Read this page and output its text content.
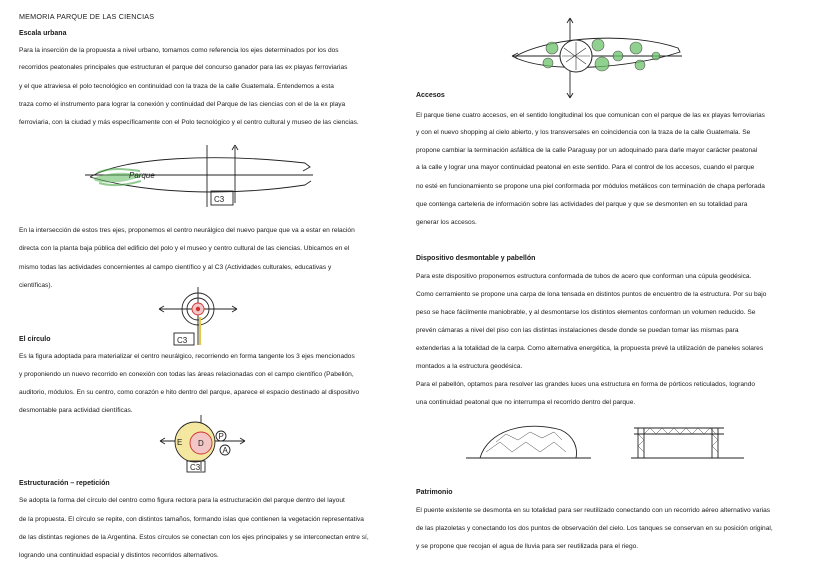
MEMORIA PARQUE DE LAS CIENCIAS
Escala urbana
Para la inserción de la propuesta a nivel urbano, tomamos como referencia los ejes determinados por los dos
recorridos peatonales principales que estructuran el parque del concurso ganador para las ex playas ferroviarias
y el que atraviesa el polo tecnológico en continuidad con la traza de la calle Guatemala. Entendemos a esta
traza como el instrumento para lograr la conexión y continuidad del Parque de las ciencias con el de la ex playa
ferroviaria, con la ciudad y más específicamente con el Polo tecnológico y el centro cultural y museo de las ciencias.
Parque
C3
En la intersección de estos tres ejes, proponemos el centro neurálgico del nuevo parque que va a estar en relación
directa con la planta baja pública del edificio del polo y el museo y centro cultural de las ciencias. Ubicamos en el
mismo todas las actividades concernientes al campo científico y al C3 (Actividades culturales, educativas y
científicas).
C3
El círculo
Es la figura adoptada para materializar el centro neurálgico, recorriendo en forma tangente los 3 ejes mencionados
y proponiendo un nuevo recorrido en conexión con todas las áreas relacionadas con el campo científico (Pabellón,
auditorio, módulos. En su centro, como corazón e hito dentro del parque, aparece el espacio destinado al dispositivo
desmontable para actividad científicas.
E D
P
A
C3
Estructuración – repetición
Se adopta la forma del círculo del centro como figura rectora para la estructuración del parque dentro del layout
de la propuesta. El círculo se repite, con distintos tamaños, formando islas que contienen la vegetación representativa
de las distintas regiones de la Argentina. Estos círculos se conectan con los ejes principales y se interconectan entre sí,
logrando una continuidad espacial y distintos recorridos alternativos.
Accesos
El parque tiene cuatro accesos, en el sentido longitudinal los que comunican con el parque de las ex playas ferroviarias
y con el nuevo shopping al cielo abierto, y los transversales en coincidencia con la traza de la calle Guatemala. Se
propone cambiar la terminación asfáltica de la calle Paraguay por un adoquinado para darle mayor carácter peatonal
a la calle y lograr una mayor continuidad peatonal en este sentido. Para el control de los accesos, cuando el parque
no esté en funcionamiento se propone una piel conformada por módulos metálicos con terminación de chapa perforada
que contenga carteleria de información sobre las actividades del parque y que se desmonten en su totalidad para
generar los accesos.
Dispositivo desmontable y pabellón
Para este dispositivo proponemos estructura conformada de tubos de acero que conforman una cúpula geodésica.
Como cerramiento se propone una carpa de lona tensada en distintos puntos de encuentro de la estructura. Por su bajo
peso se hace fácilmente maniobrable, y al desmontarse los distintos elementos conforman un volumen reducido. Se
prevén cámaras a nivel del piso con las distintas instalaciones desde donde se puedan tomar las mismas para
extenderlas a la totalidad de la carpa. Como alternativa energética, la propuesta prevé la utilización de paneles solares
montados a la estructura geodésica.
Para el pabellón, optamos para resolver las grandes luces una estructura en forma de pórticos reticulados, logrando
una continuidad peatonal que no interrumpa el recorrido dentro del parque.
Patrimonio
El puente existente se desmonta en su totalidad para ser reutilizado conectando con un recorrido aéreo alternativo varias
de las plazoletas y conectando los dos puntos de observación del cielo. Los tanques se conservan en su posición original,
y se propone que recojan el agua de lluvia para ser reutilizada para el riego.
